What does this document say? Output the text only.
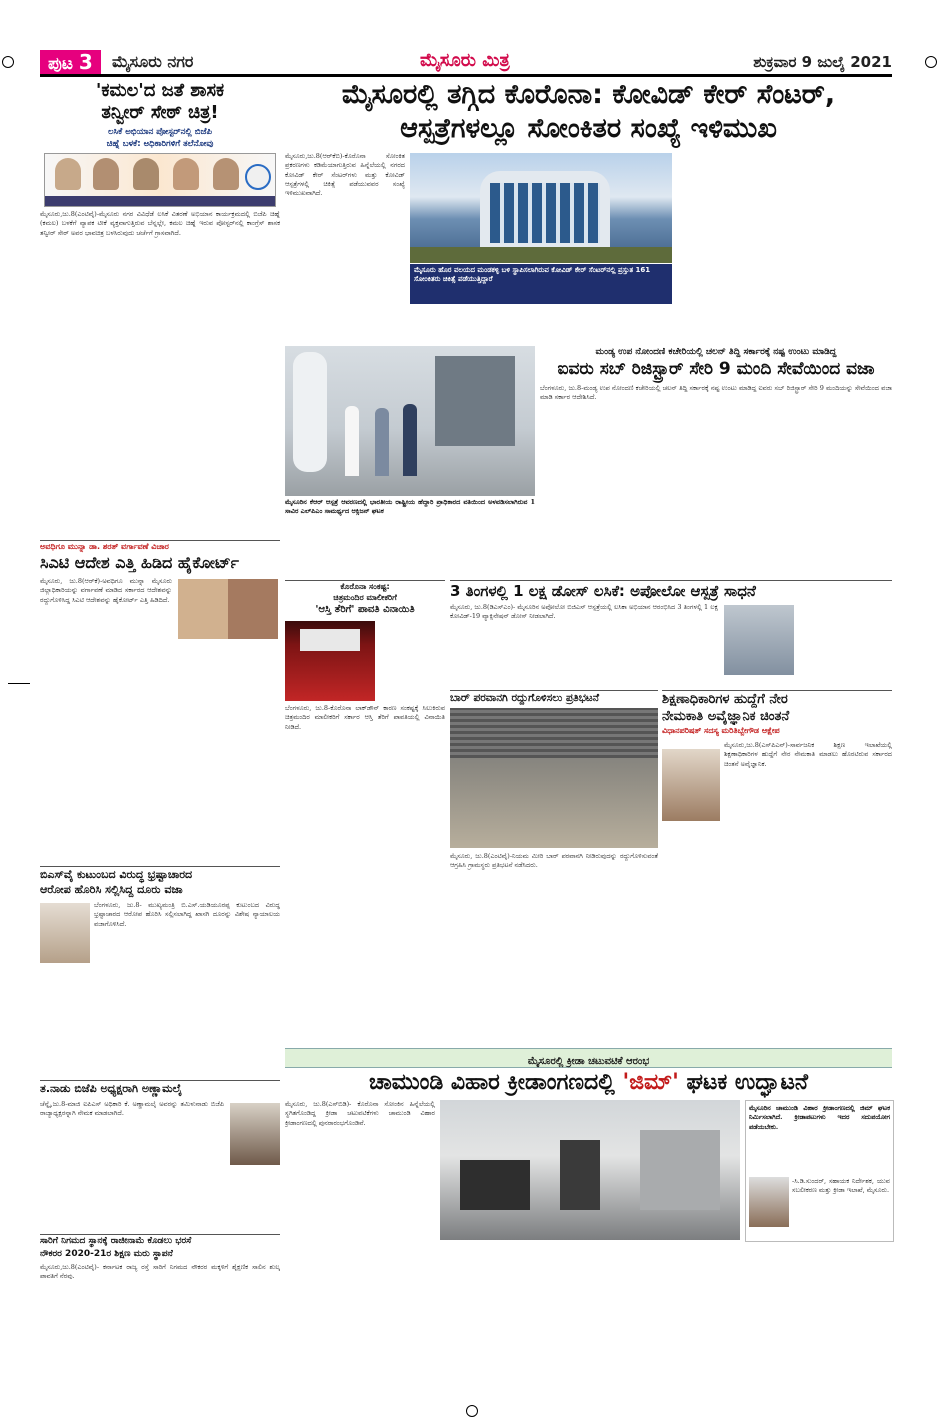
ಪುಟ 3	ಮೈಸೂರು ನಗರ	ಮೈಸೂರು ಮಿತ್ರ	ಶುಕ್ರವಾರ 9 ಜುಲೈ 2021
'ಕಮಲ'ದ ಜತೆ ಶಾಸಕ
ತನ್ವೀರ್ ಸೇಠ್ ಚಿತ್ರ!
ಲಸಿಕೆ ಅಭಿಯಾನ ಪೋಸ್ಟರ್‌ನಲ್ಲಿ ಬಿಜೆಪಿ
ಚಿಹ್ನೆ ಬಳಕೆ: ಅಧಿಕಾರಿಗಳಿಗೆ ತಲೆನೋವು
ಮೈಸೂರು,ಜು.8(ಎಂಟಿವೈ)-ಮೈಸೂರು ನಗರ ವಿವಿಧೆಡೆ ಲಸಿಕೆ ವಿತರಣೆ ಅಭಿಯಾನ ಕಾರ್ಯಕ್ರಮದಲ್ಲಿ ಬಿಜೆಪಿ ಚಿಹ್ನೆ (ಕಮಲ) ಬಳಕೆಗೆ ವ್ಯಾಪಕ ಟೀಕೆ ವ್ಯಕ್ತವಾಗುತ್ತಿರುವ ಬೆನ್ನಲ್ಲೇ, ಕಮಲ ಚಿಹ್ನೆ ಇರುವ ಪೋಸ್ಟರ್‌ನಲ್ಲಿ ಕಾಂಗ್ರೆಸ್ ಶಾಸಕ ತನ್ವೀರ್ ಸೇಠ್ ಅವರ ಭಾವಚಿತ್ರ ಬಳಸಿರುವುದು ಚರ್ಚೆಗೆ ಗ್ರಾಸವಾಗಿದೆ.
ಮೈಸೂರಲ್ಲಿ ತಗ್ಗಿದ ಕೊರೊನಾ: ಕೋವಿಡ್ ಕೇರ್ ಸೆಂಟರ್,
ಆಸ್ಪತ್ರೆಗಳಲ್ಲೂ ಸೋಂಕಿತರ ಸಂಖ್ಯೆ ಇಳಿಮುಖ
ಮೈಸೂರು,ಜು.8(ಆರ್‌ಕೆಬಿ)-ಕೊರೊನಾ ಸೋಂಕಿತ ಪ್ರಕರಣಗಳು ಕಡಿಮೆಯಾಗುತ್ತಿರುವ ಹಿನ್ನೆಲೆಯಲ್ಲಿ ನಗರದ ಕೋವಿಡ್ ಕೇರ್ ಸೆಂಟರ್‌ಗಳು ಮತ್ತು ಕೋವಿಡ್ ಆಸ್ಪತ್ರೆಗಳಲ್ಲಿ ಚಿಕಿತ್ಸೆ ಪಡೆಯುವವರ ಸಂಖ್ಯೆ ಇಳಿಮುಖವಾಗಿದೆ.
ಮೈಸೂರು ಹೊರ ವಲಯದ ಮಂಡಕಳ್ಳಿ ಬಳಿ ಸ್ಥಾಪಿಸಲಾಗಿರುವ ಕೋವಿಡ್ ಕೇರ್ ಸೆಂಟರ್‌ನಲ್ಲಿ ಪ್ರಸ್ತುತ 161 ಸೋಂಕಿತರು ಚಿಕಿತ್ಸೆ ಪಡೆಯುತ್ತಿದ್ದಾರೆ
ಮೈಸೂರಿನ ಕೆಆರ್ ಆಸ್ಪತ್ರೆ ಆವರಣದಲ್ಲಿ ಭಾರತೀಯ ರಾಷ್ಟ್ರೀಯ ಹೆದ್ದಾರಿ ಪ್ರಾಧಿಕಾರದ ವತಿಯಿಂದ ಅಳವಡಿಸಲಾಗಿರುವ 1 ಸಾವಿರ ಎಲ್‌ಪಿಎಂ ಸಾಮರ್ಥ್ಯದ ಆಕ್ಸಿಜನ್ ಘಟಕ
ಮಂಡ್ಯ ಉಪ ನೋಂದಣಿ ಕಚೇರಿಯಲ್ಲಿ ಚಲನ್ ತಿದ್ದಿ ಸರ್ಕಾರಕ್ಕೆ ನಷ್ಟ ಉಂಟು ಮಾಡಿದ್ದ
ಐವರು ಸಬ್ ರಿಜಿಸ್ಟ್ರಾರ್ ಸೇರಿ 9 ಮಂದಿ ಸೇವೆಯಿಂದ ವಜಾ
ಬೆಂಗಳೂರು, ಜು.8-ಮಂಡ್ಯ ಉಪ ನೋಂದಣಿ ಕಚೇರಿಯಲ್ಲಿ ಚಲನ್ ತಿದ್ದಿ ಸರ್ಕಾರಕ್ಕೆ ನಷ್ಟ ಉಂಟು ಮಾಡಿದ್ದ ಐವರು ಸಬ್ ರಿಜಿಸ್ಟ್ರಾರ್ ಸೇರಿ 9 ಮಂದಿಯನ್ನು ಸೇವೆಯಿಂದ ವಜಾ ಮಾಡಿ ಸರ್ಕಾರ ಆದೇಶಿಸಿದೆ.
ಅವಧಿಗೂ ಮುನ್ನಾ ಡಾ. ಶರತ್ ವರ್ಗಾವಣೆ ವಿಚಾರ
ಸಿಎಟಿ ಆದೇಶ ಎತ್ತಿ ಹಿಡಿದ ಹೈಕೋರ್ಟ್
ಮೈಸೂರು, ಜು.8(ಆರ್‌ಕೆ)-ಅವಧಿಗೂ ಮುನ್ನಾ ಮೈಸೂರು ಜಿಲ್ಲಾಧಿಕಾರಿಯನ್ನು ವರ್ಗಾವಣೆ ಮಾಡಿದ ಸರ್ಕಾರದ ಆದೇಶವನ್ನು ರದ್ದುಗೊಳಿಸಿದ್ದ ಸಿಎಟಿ ಆದೇಶವನ್ನು ಹೈಕೋರ್ಟ್ ಎತ್ತಿ ಹಿಡಿದಿದೆ.
ಕೊರೊನಾ ಸಂಕಷ್ಟ:
ಚಿತ್ರಮಂದಿರ ಮಾಲೀಕರಿಗೆ
'ಆಸ್ತಿ ತೆರಿಗೆ' ಪಾವತಿ ವಿನಾಯಿತಿ
ಬೆಂಗಳೂರು, ಜು.8-ಕೊರೊನಾ ಲಾಕ್‌ಡೌನ್ ಕಾರಣ ಸಂಕಷ್ಟಕ್ಕೆ ಸಿಲುಕಿರುವ ಚಿತ್ರಮಂದಿರ ಮಾಲೀಕರಿಗೆ ಸರ್ಕಾರ ಆಸ್ತಿ ತೆರಿಗೆ ಪಾವತಿಯಲ್ಲಿ ವಿನಾಯಿತಿ ನೀಡಿದೆ.
3 ತಿಂಗಳಲ್ಲಿ 1 ಲಕ್ಷ ಡೋಸ್ ಲಸಿಕೆ: ಅಪೋಲೋ ಆಸ್ಪತ್ರೆ ಸಾಧನೆ
ಮೈಸೂರು, ಜು.8(ಡಿಎಸ್‌ಎಂ)- ಮೈಸೂರಿನ ಅಪೋಲೋ ಬಿಜಿಎಸ್ ಆಸ್ಪತ್ರೆಯಲ್ಲಿ ಲಸಿಕಾ ಅಭಿಯಾನ ಆರಂಭಿಸಿದ 3 ತಿಂಗಳಲ್ಲಿ 1 ಲಕ್ಷ ಕೋವಿಡ್-19 ವ್ಯಾಕ್ಸಿನೇಷನ್ ಡೋಸ್ ನೀಡಲಾಗಿದೆ.
ಬಾರ್ ಪರವಾನಗಿ ರದ್ದುಗೊಳಿಸಲು ಪ್ರತಿಭಟನೆ
ಮೈಸೂರು, ಜು.8(ಎಂಟಿವೈ)-ನಿಯಮ ಮೀರಿ ಬಾರ್ ಪರವಾನಗಿ ನೀಡಿರುವುದನ್ನು ರದ್ದುಗೊಳಿಸುವಂತೆ ಆಗ್ರಹಿಸಿ ಗ್ರಾಮಸ್ಥರು ಪ್ರತಿಭಟನೆ ನಡೆಸಿದರು.
ಶಿಕ್ಷಣಾಧಿಕಾರಿಗಳ ಹುದ್ದೆಗೆ ನೇರ
ನೇಮಕಾತಿ ಅವೈಜ್ಞಾನಿಕ ಚಿಂತನೆ
ವಿಧಾನಪರಿಷತ್ ಸದಸ್ಯ ಮರಿತಿಬ್ಬೇಗೌಡ ಆಕ್ಷೇಪ
ಮೈಸೂರು,ಜು.8(ಎಸ್‌ಪಿಎನ್)-ಸಾರ್ವಜನಿಕ ಶಿಕ್ಷಣ ಇಲಾಖೆಯಲ್ಲಿ ಶಿಕ್ಷಣಾಧಿಕಾರಿಗಳ ಹುದ್ದೆಗೆ ನೇರ ನೇಮಕಾತಿ ಮಾಡಲು ಹೊರಟಿರುವ ಸರ್ಕಾರದ ಚಿಂತನೆ ಅವೈಜ್ಞಾನಿಕ.
ಬಿಎಸ್‌ವೈ ಕುಟುಂಬದ ವಿರುದ್ಧ ಭ್ರಷ್ಟಾಚಾರದ
ಆರೋಪ ಹೊರಿಸಿ ಸಲ್ಲಿಸಿದ್ದ ದೂರು ವಜಾ
ಬೆಂಗಳೂರು, ಜು.8- ಮುಖ್ಯಮಂತ್ರಿ ಬಿ.ಎಸ್.ಯಡಿಯೂರಪ್ಪ ಕುಟುಂಬದ ವಿರುದ್ಧ ಭ್ರಷ್ಟಾಚಾರದ ಆರೋಪ ಹೊರಿಸಿ ಸಲ್ಲಿಸಲಾಗಿದ್ದ ಖಾಸಗಿ ದೂರನ್ನು ವಿಶೇಷ ನ್ಯಾಯಾಲಯ ವಜಾಗೊಳಿಸಿದೆ.
ತ.ನಾಡು ಬಿಜೆಪಿ ಅಧ್ಯಕ್ಷರಾಗಿ ಅಣ್ಣಾಮಲೈ
ಚೆನ್ನೈ,ಜು.8-ಮಾಜಿ ಐಪಿಎಸ್ ಅಧಿಕಾರಿ ಕೆ. ಅಣ್ಣಾಮಲೈ ಅವರನ್ನು ತಮಿಳುನಾಡು ಬಿಜೆಪಿ ರಾಜ್ಯಾಧ್ಯಕ್ಷರನ್ನಾಗಿ ನೇಮಕ ಮಾಡಲಾಗಿದೆ.
ಸಾರಿಗೆ ನಿಗಮದ ಸ್ಥಾನಕ್ಕೆ ರಾಜೀನಾಮೆ ಕೊಡಲು ಭರಸೆ
ನೌಕರರ 2020-21ರ ಶಿಕ್ಷಣ ಮರು ಸ್ಥಾಪನೆ
ಮೈಸೂರು,ಜು.8(ಎಂಟಿವೈ)- ಕರ್ನಾಟಕ ರಾಜ್ಯ ರಸ್ತೆ ಸಾರಿಗೆ ನಿಗಮದ ನೌಕರರ ಮಕ್ಕಳಿಗೆ ಶೈಕ್ಷಣಿಕ ಸಾಲಿನ ಶುಲ್ಕ ಪಾವತಿಗೆ ನೆರವು.
ಮೈಸೂರಲ್ಲಿ ಕ್ರೀಡಾ ಚಟುವಟಿಕೆ ಆರಂಭ
ಚಾಮುಂಡಿ ವಿಹಾರ ಕ್ರೀಡಾಂಗಣದಲ್ಲಿ 'ಜಿಮ್' ಘಟಕ ಉದ್ಘಾಟನೆ
ಮೈಸೂರು, ಜು.8(ಎಸ್‌ಬಿಡಿ)- ಕೊರೊನಾ ಸೋಂಕಿನ ಹಿನ್ನೆಲೆಯಲ್ಲಿ ಸ್ಥಗಿತಗೊಂಡಿದ್ದ ಕ್ರೀಡಾ ಚಟುವಟಿಕೆಗಳು ಚಾಮುಂಡಿ ವಿಹಾರ ಕ್ರೀಡಾಂಗಣದಲ್ಲಿ ಪುನರಾರಂಭಗೊಂಡಿವೆ.
ಮೈಸೂರಿನ ಚಾಮುಂಡಿ ವಿಹಾರ ಕ್ರೀಡಾಂಗಣದಲ್ಲಿ ಜಿಮ್ ಘಟಕ ನಿರ್ಮಿಸಲಾಗಿದೆ. ಕ್ರೀಡಾಪಟುಗಳು ಇದರ ಸದುಪಯೋಗ ಪಡೆಯಬೇಕು.
-ಸಿ.ಡಿ.ಸುಂದರ್, ಸಹಾಯಕ ನಿರ್ದೇಶಕ, ಯುವ ಸಬಲೀಕರಣ ಮತ್ತು ಕ್ರೀಡಾ ಇಲಾಖೆ, ಮೈಸೂರು.
